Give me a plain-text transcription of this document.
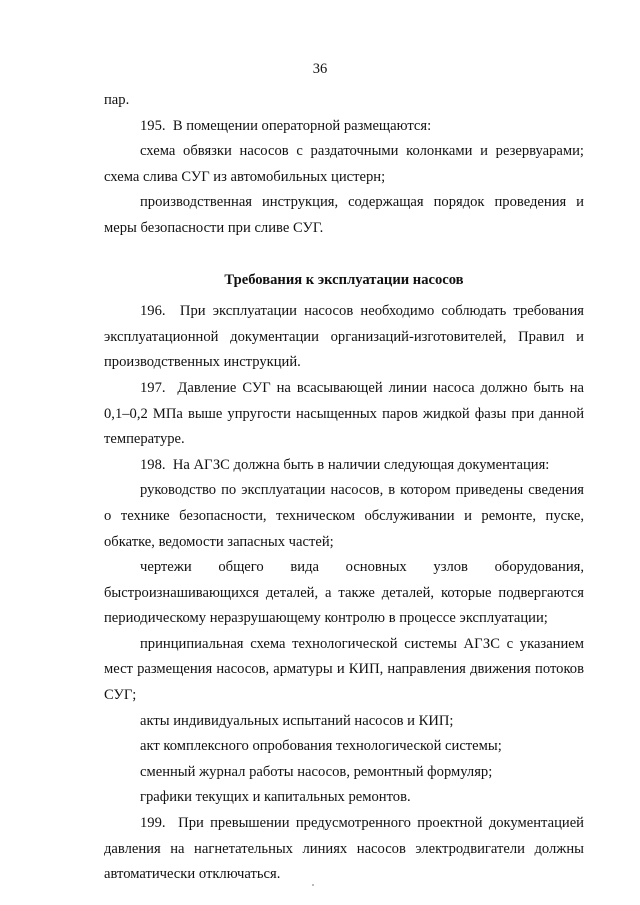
36

пар.

195.  В помещении операторной размещаются:

схема обвязки насосов с раздаточными колонками и резервуарами; схема слива СУГ из автомобильных цистерн;

производственная инструкция, содержащая порядок проведения и меры безопасности при сливе СУГ.

Требования к эксплуатации насосов

196.  При эксплуатации насосов необходимо соблюдать требования эксплуатационной документации организаций-изготовителей, Правил и производственных инструкций.

197.  Давление СУГ на всасывающей линии насоса должно быть на 0,1–0,2 МПа выше упругости насыщенных паров жидкой фазы при данной температуре.

198.  На АГЗС должна быть в наличии следующая документация:

руководство по эксплуатации насосов, в котором приведены сведения о технике безопасности, техническом обслуживании и ремонте, пуске, обкатке, ведомости запасных частей;

чертежи общего вида основных узлов оборудования, быстроизнашивающихся деталей, а также деталей, которые подвергаются периодическому неразрушающему контролю в процессе эксплуатации;

принципиальная схема технологической системы АГЗС с указанием мест размещения насосов, арматуры и КИП, направления движения потоков СУГ;

акты индивидуальных испытаний насосов и КИП;

акт комплексного опробования технологической системы;

сменный журнал работы насосов, ремонтный формуляр;

графики текущих и капитальных ремонтов.

199.  При превышении предусмотренного проектной документацией давления на нагнетательных линиях насосов электродвигатели должны автоматически отключаться.
